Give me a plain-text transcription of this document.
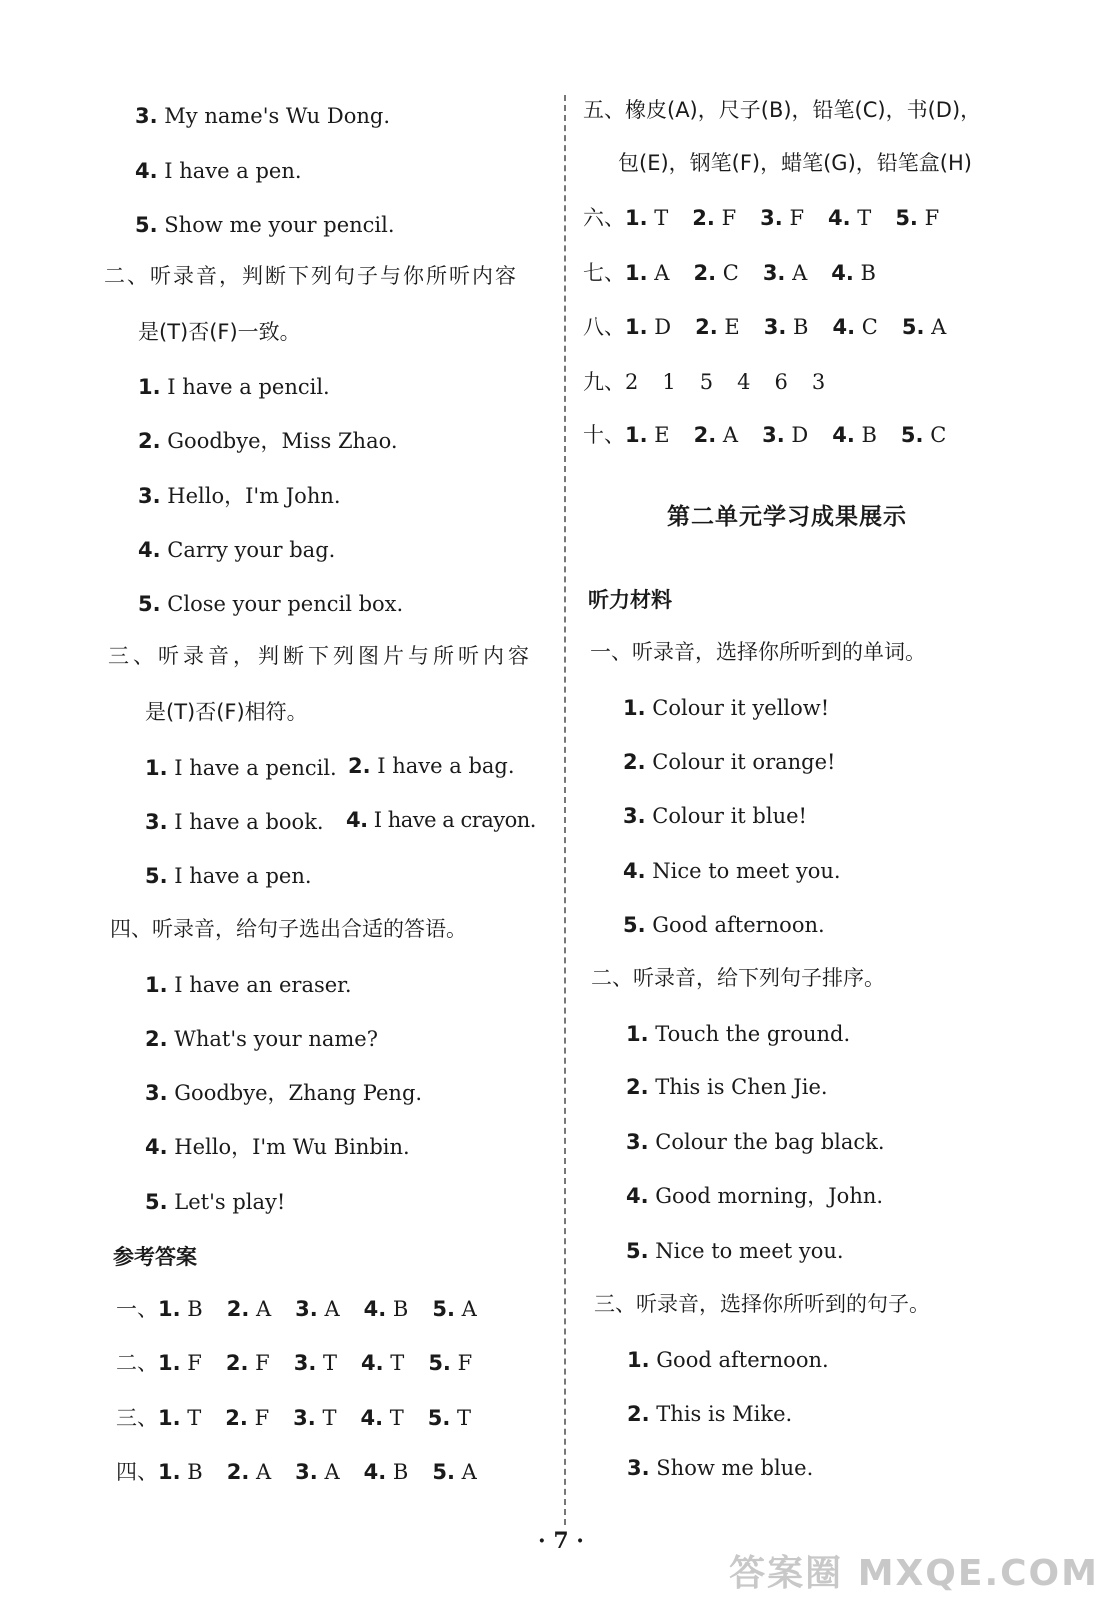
3. My name's Wu Dong.
4. I have a pen.
5. Show me your pencil.
二、听录音，判断下列句子与你所听内容
是(T)否(F)一致。
1. I have a pencil.
2. Goodbye，Miss Zhao.
3. Hello，I'm John.
4. Carry your bag.
5. Close your pencil box.
三、听录音，判断下列图片与所听内容
是(T)否(F)相符。
1. I have a pencil. 2. I have a bag.
3. I have a book. 4. I have a crayon.
5. I have a pen.
四、听录音，给句子选出合适的答语。
1. I have an eraser.
2. What's your name?
3. Goodbye，Zhang Peng.
4. Hello，I'm Wu Binbin.
5. Let's play!
参考答案
一、1. B 2. A 3. A 4. B 5. A
二、1. F 2. F 3. T 4. T 5. F
三、1. T 2. F 3. T 4. T 5. T
四、1. B 2. A 3. A 4. B 5. A
五、橡皮(A)，尺子(B)，铅笔(C)，书(D)，
包(E)，钢笔(F)，蜡笔(G)，铅笔盒(H)
六、1. T 2. F 3. F 4. T 5. F
七、1. A 2. C 3. A 4. B
八、1. D 2. E 3. B 4. C 5. A
九、2 1 5 4 6 3
十、1. E 2. A 3. D 4. B 5. C
第二单元学习成果展示
听力材料
一、听录音，选择你所听到的单词。
1. Colour it yellow!
2. Colour it orange!
3. Colour it blue!
4. Nice to meet you.
5. Good afternoon.
二、听录音，给下列句子排序。
1. Touch the ground.
2. This is Chen Jie.
3. Colour the bag black.
4. Good morning，John.
5. Nice to meet you.
三、听录音，选择你所听到的句子。
1. Good afternoon.
2. This is Mike.
3. Show me blue.
· 7 ·
答案圈 MXQE.COM
